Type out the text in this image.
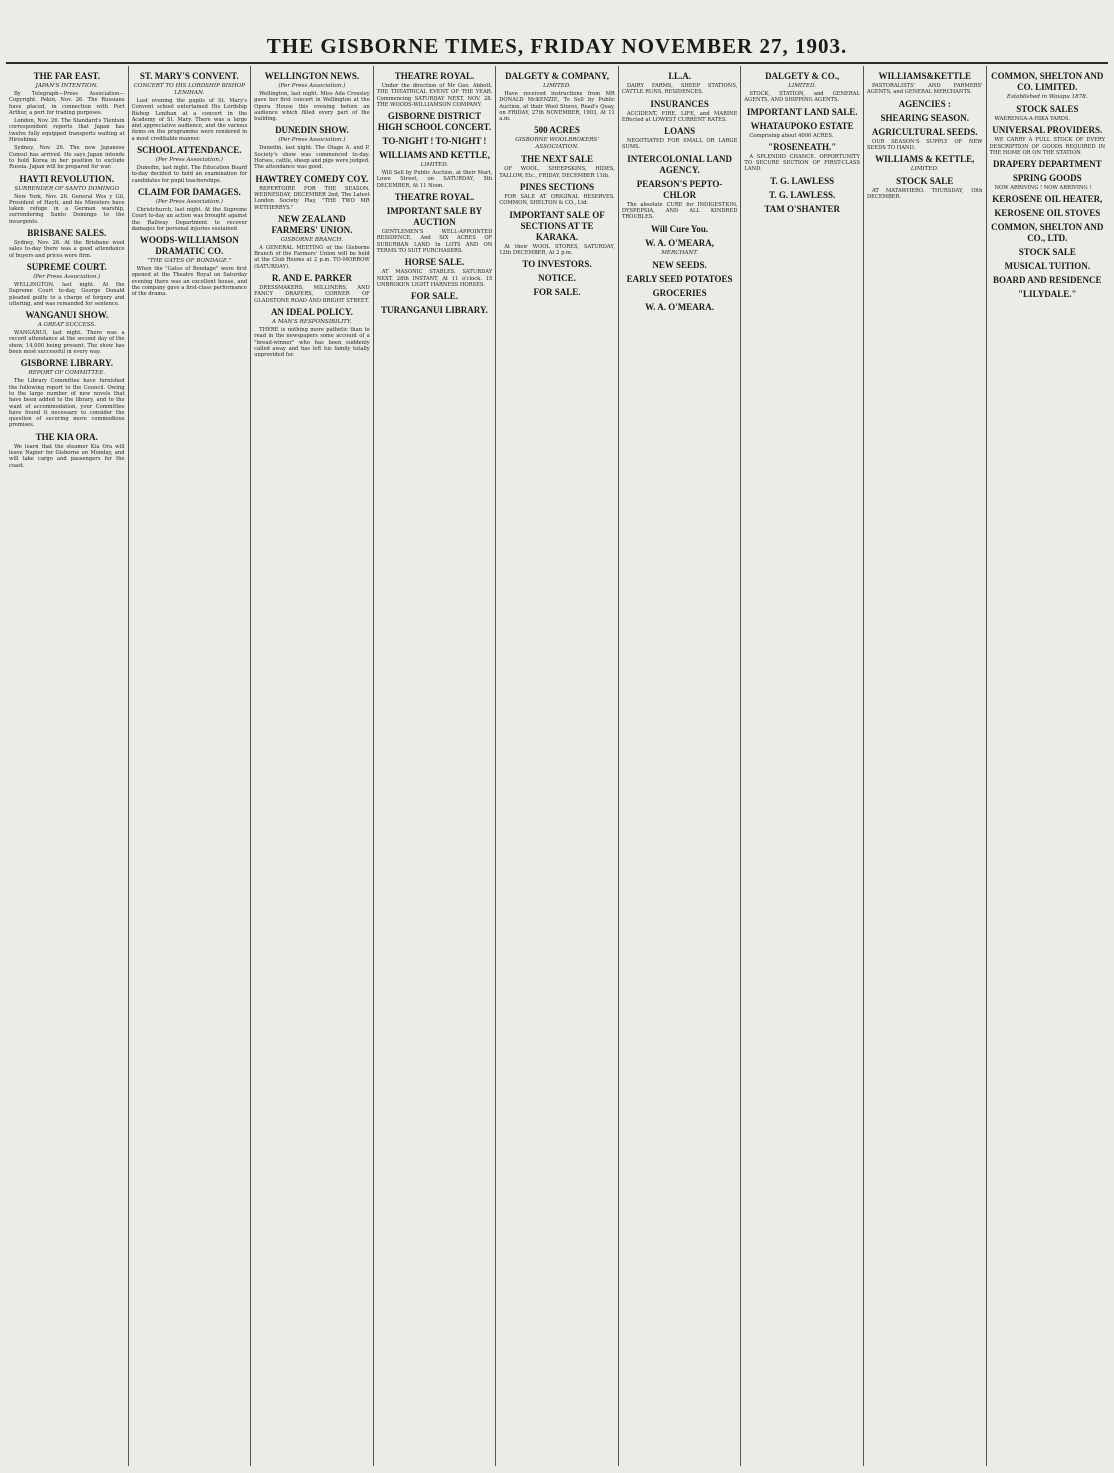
THE GISBORNE TIMES, FRIDAY NOVEMBER 27, 1903.
THE FAR EAST.
JAPAN'S INTENTION.
By Telegraph—Press Association—Copyright. Pekin, Nov. 26. The Russians have placed, in connection with Port Arthur, a port for trading purposes.
London, Nov. 26. The Standard's Tientsin correspondent reports that Japan has twelve fully equipped transports waiting at Hiroshima.
Sydney, Nov. 26. The new Japanese Consul has arrived. He says Japan intends to hold Korea in her position to exclude Russia. Japan will be prepared for war.
HAYTI REVOLUTION.
SURRENDER OF SANTO DOMINGO
New York, Nov. 26. General Wos y Gil, President of Hayti, and his Ministers have taken refuge in a German warship, surrendering Santo Domingo to the insurgents.
BRISBANE SALES.
Sydney, Nov. 26. At the Brisbane wool sales to-day there was a good attendance of buyers and prices were firm.
SUPREME COURT.
(Per Press Association.)
WELLINGTON, last night. At the Supreme Court to-day, George Donald pleaded guilty to a charge of forgery and uttering, and was remanded for sentence.
WANGANUI SHOW.
A GREAT SUCCESS.
WANGANUI, last night. There was a record attendance at the second day of the show, 14,000 being present. The show has been most successful in every way.
GISBORNE LIBRARY.
REPORT OF COMMITTEE.
The Library Committee have furnished the following report to the Council. Owing to the large number of new novels that have been added to the library, and to the want of accommodation, your Committee have found it necessary to consider the question of securing more commodious premises.
THE KIA ORA.
We learn that the steamer Kia Ora will leave Napier for Gisborne on Monday, and will take cargo and passengers for the coast.
ST. MARY'S CONVENT.
CONCERT TO HIS LORDSHIP BISHOP LENIHAN.
Last evening the pupils of St. Mary's Convent school entertained His Lordship Bishop Lenihan at a concert in the Academy of St. Mary. There was a large and appreciative audience, and the various items on the programme were rendered in a most creditable manner.
SCHOOL ATTENDANCE.
(Per Press Association.)
Dunedin, last night. The Education Board to-day decided to hold an examination for candidates for pupil teacherships.
CLAIM FOR DAMAGES.
(Per Press Association.)
Christchurch, last night. At the Supreme Court to-day an action was brought against the Railway Department to recover damages for personal injuries sustained.
WOODS-WILLIAMSON DRAMATIC CO.
"THE GATES OF BONDAGE."
When the "Gates of Bondage" were first opened at the Theatre Royal on Saturday evening there was an excellent house, and the company gave a first-class performance of the drama.
WELLINGTON NEWS.
(Per Press Association.)
Wellington, last night. Miss Ada Crossley gave her first concert in Wellington at the Opera House this evening before an audience which filled every part of the building.
DUNEDIN SHOW.
(Per Press Association.)
Dunedin, last night. The Otago A. and P. Society's show was commenced to-day. Horses, cattle, sheep and pigs were judged. The attendance was good.
HAWTREY COMEDY COY.
REPERTOIRE FOR THE SEASON. WEDNESDAY, DECEMBER 2nd, The Latest London Society Play, "THE TWO MR WETHERBYS."
NEW ZEALAND FARMERS' UNION.
GISBORNE BRANCH.
A GENERAL MEETING of the Gisborne Branch of the Farmers' Union will be held at the Club Rooms at 2 p.m. TO-MORROW (SATURDAY).
R. AND E. PARKER
DRESSMAKERS, MILLINERS, AND FANCY DRAPERS, CORNER OF GLADSTONE ROAD AND BRIGHT STREET.
AN IDEAL POLICY.
A MAN'S RESPONSIBILITY.
THERE is nothing more pathetic than to read in the newspapers some account of a "bread-winner" who has been suddenly called away and has left his family totally unprovided for.
THEATRE ROYAL.
Under the direction of Mr Geo. Abbott. THE THEATRICAL EVENT OF THE YEAR. Commencing SATURDAY NEXT, NOV. 28. THE WOODS-WILLIAMSON COMPANY.
GISBORNE DISTRICT HIGH SCHOOL CONCERT.
TO-NIGHT ! TO-NIGHT !
WILLIAMS AND KETTLE,
LIMITED.
Will Sell by Public Auction, at their Mart, Lowe Street, on SATURDAY, 5th DECEMBER, At 11 Noon.
THEATRE ROYAL.
IMPORTANT SALE BY AUCTION
GENTLEMEN'S WELL-APPOINTED RESIDENCE, And SIX ACRES OF SUBURBAN LAND In LOTS AND ON TERMS TO SUIT PURCHASERS.
HORSE SALE.
AT MASONIC STABLES. SATURDAY NEXT, 28th INSTANT, At 11 o'clock. 15 UNBROKEN LIGHT HARNESS HORSES.
FOR SALE.
TURANGANUI LIBRARY.
DALGETY & COMPANY,
LIMITED.
Have received instructions from MR DONALD McKENZIE, To Sell by Public Auction, at their Wool Stores, Read's Quay, on FRIDAY, 27th NOVEMBER, 1903, At 11 a.m.
500 ACRES
GISBORNE WOOLBROKERS' ASSOCIATION.
THE NEXT SALE
OF WOOL, SHEEPSKINS, HIDES, TALLOW, Etc., FRIDAY, DECEMBER 11th.
PINES SECTIONS
FOR SALE AT ORIGINAL RESERVES. COMMON, SHELTON & CO., Ltd.
IMPORTANT SALE OF SECTIONS AT TE KARAKA.
At their WOOL STORES, SATURDAY, 12th DECEMBER, At 2 p.m.
TO INVESTORS.
NOTICE.
FOR SALE.
I.L.A.
DAIRY FARMS, SHEEP STATIONS, CATTLE RUNS, RESIDENCES.
INSURANCES
ACCIDENT, FIRE, LIFE, and MARINE Effected at LOWEST CURRENT RATES.
LOANS
NEGOTIATED FOR SMALL OR LARGE SUMS.
INTERCOLONIAL LAND AGENCY.
PEARSON'S PEPTO-CHLOR
The absolute CURE for INDIGESTION, DYSPEPSIA, AND ALL KINDRED TROUBLES.
Will Cure You.
W. A. O'MEARA,
MERCHANT.
NEW SEEDS.
EARLY SEED POTATOES
GROCERIES
W. A. O'MEARA.
DALGETY & CO.,
LIMITED.
STOCK, STATION, and GENERAL AGENTS, AND SHIPPING AGENTS.
IMPORTANT LAND SALE.
WHATAUPOKO ESTATE
Comprising about 4000 ACRES.
"ROSENEATH."
A SPLENDID CHANCE. OPPORTUNITY TO SECURE SECTION OF FIRST-CLASS LAND.
T. G. LAWLESS
T. G. LAWLESS.
TAM O'SHANTER
WILLIAMS&KETTLE
PASTORALISTS' AND FARMERS' AGENTS, and GENERAL MERCHANTS.
AGENCIES :
SHEARING SEASON.
AGRICULTURAL SEEDS.
OUR SEASON'S SUPPLY OF NEW SEEDS TO HAND.
WILLIAMS & KETTLE,
LIMITED.
STOCK SALE
AT MATAWHERO. THURSDAY, 10th DECEMBER.
COMMON, SHELTON AND CO. LIMITED.
Established in Waiapu 1878.
STOCK SALES
WAERENGA-A-HIKA YARDS.
UNIVERSAL PROVIDERS.
WE CARRY A FULL STOCK OF EVERY DESCRIPTION OF GOODS REQUIRED IN THE HOME OR ON THE STATION.
DRAPERY DEPARTMENT
SPRING GOODS
NOW ARRIVING ! NOW ARRIVING !
KEROSENE OIL HEATER,
KEROSENE OIL STOVES
COMMON, SHELTON AND CO., LTD.
STOCK SALE
MUSICAL TUITION.
BOARD AND RESIDENCE
"LILYDALE."
